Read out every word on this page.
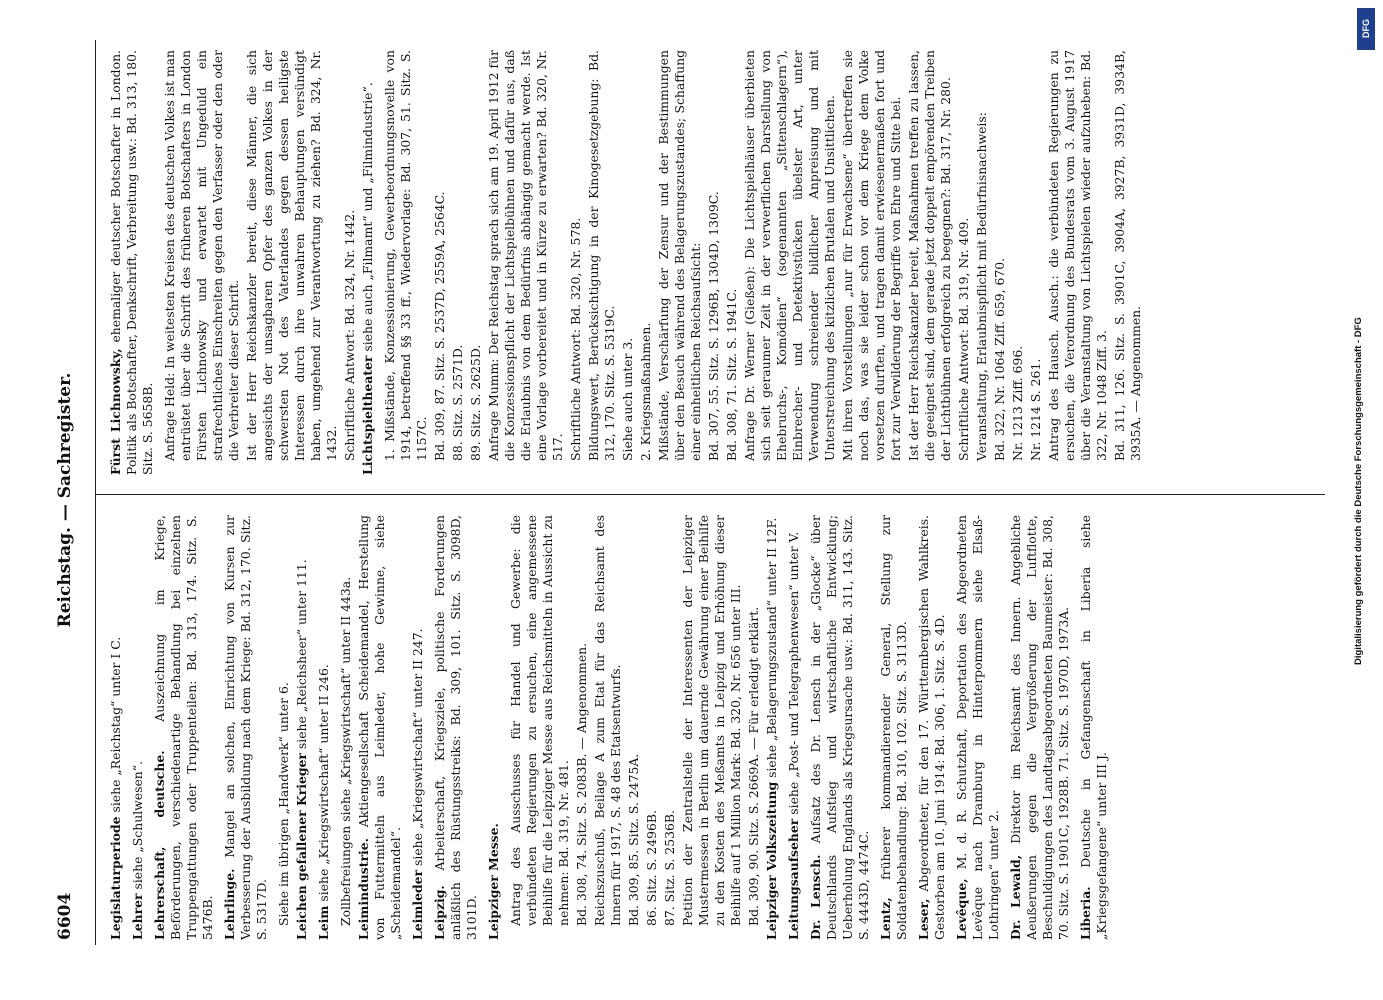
6604
Reichstag. — Sachregister.
Legislaturperiode siehe „Reichstag“ unter I C.
Lehrer siehe „Schulwesen“. Lehrerschaft, deutsche. Auszeichnung im Kriege, Beförderungen, verschiedenartige Behandlung bei einzelnen Truppengattungen oder Truppenteilen: Bd. 313, 174. Sitz. S. 5476B. Lehrlinge. Mangel an solchen, Einrichtung von Kursen zur Verbesserung der Ausbildung nach dem Kriege: Bd. 312, 170. Sitz. S. 5317D. Siehe im übrigen „Handwerk“ unter 6. Leichen gefallener Krieger siehe „Reichsheer“ unter 111.
Leim siehe „Kriegswirtschaft“ unter II 246. Zollbefreiungen siehe „Kriegswirtschaft“ unter II 443a. Leimindustrie. Aktiengesellschaft Scheidemandel, Herstellung von Futtermitteln aus Leimleder, hohe Gewinne, siehe „Scheidemandel“. Leimleder siehe „Kriegswirtschaft“ unter II 247.
Leipzig. Arbeiterschaft, Kriegsziele, politische Forderungen anläßlich des Rüstungsstreiks: Bd. 309, 101. Sitz. S. 3098D, 3101D. Leipziger Messe. Antrag des Ausschusses für Handel und Gewerbe: die verbündeten Regierungen zu ersuchen, eine angemessene Beihilfe für die Leipziger Messe aus Reichsmitteln in Aussicht zu nehmen: Bd. 319, Nr. 481. Bd. 308, 74. Sitz. S. 2083B. — Angenommen. Reichszuschuß, Beilage A zum Etat für das Reichsamt des Innern für 1917, S. 48 des Etatsentwurfs. Bd. 309, 85. Sitz. S. 2475A. 86. Sitz. S. 2496B. 87. Sitz. S. 2536B. Petition der Zentralstelle der Interessenten der Leipziger Mustermessen in Berlin um dauernde Gewährung einer Beihilfe zu den Kosten des Meßamts in Leipzig und Erhöhung dieser Beihilfe auf 1 Million Mark: Bd. 320, Nr. 656 unter III. Bd. 309, 90. Sitz. S. 2669A. — Für erledigt erklärt. Leipziger Volkszeitung siehe „Belagerungszustand“ unter II 12F.
Leitungsaufseher siehe „Post- und Telegraphenwesen“ unter V.
Dr. Lensch. Aufsatz des Dr. Lensch in der „Glocke“ über Deutschlands Aufstieg und wirtschaftliche Entwicklung; Ueberholung Englands als Kriegsursache usw.: Bd. 311, 143. Sitz. S. 4443D, 4474C. Lentz, früherer kommandierender General, Stellung zur Soldatenbehandlung: Bd. 310, 102. Sitz. S. 3113D. Leser, Abgeordneter, für den 17. Württembergischen Wahlkreis. Gestorben am 10. Juni 1914: Bd. 306, 1. Sitz. S. 4D. Levêque, M. d. R. Schutzhaft, Deportation des Abgeordneten Levêque nach Dramburg in Hinterpommern siehe Elsaß-Lothringen“ unter 2. Dr. Lewald, Direktor im Reichsamt des Innern. Angebliche Aeußerungen gegen die Vergrößerung der Luftflotte, Beschuldigungen des Landtagsabgeordneten Baumeister: Bd. 308, 70. Sitz. S. 1901C, 1928B. 71. Sitz. S. 1970D, 1973A. Liberia. Deutsche in Gefangenschaft in Liberia siehe „Kriegsgefangene“ unter III J.
Fürst Lichnowsky, ehemaliger deutscher Botschafter in London. Politik als Botschafter, Denkschrift, Verbreitung usw.: Bd. 313, 180. Sitz. S. 5658B. Anfrage Held: In weitesten Kreisen des deutschen Volkes ist man entrüstet über die Schrift des früheren Botschafters in London Fürsten Lichnowsky und erwartet mit Ungeduld ein strafrechtliches Einschreiten gegen den Verfasser oder den oder die Verbreiter dieser Schrift. Ist der Herr Reichskanzler bereit, diese Männer, die sich angesichts der unsagbaren Opfer des ganzen Volkes in der schwersten Not des Vaterlandes gegen dessen heiligste Interessen durch ihre unwahren Behauptungen versündigt haben, umgehend zur Verantwortung zu ziehen? Bd. 324, Nr. 1432. Schriftliche Antwort: Bd. 324, Nr. 1442. Lichtspieltheater siehe auch „Filmamt“ und „Filmindustrie“. 1. Mißstände, Konzessionierung, Gewerbeordnungsnovelle von 1914, betreffend §§ 33 ff., Wiedervorlage: Bd. 307, 51. Sitz. S. 1157C. Bd. 309, 87. Sitz. S. 2537D, 2559A, 2564C. 88. Sitz. S. 2571D. 89. Sitz. S. 2625D. Anfrage Mumm: Der Reichstag sprach sich am 19. April 1912 für die Konzessionspflicht der Lichtspielbühnen und dafür aus, daß die Erlaubnis von dem Bedürfnis abhängig gemacht werde. Ist eine Vorlage vorbereitet und in Kürze zu erwarten? Bd. 320, Nr. 517. Schriftliche Antwort: Bd. 320, Nr. 578. Bildungswert, Berücksichtigung in der Kinogesetzgebung: Bd. 312, 170. Sitz. S. 5319C. Siehe auch unter 3. 2. Kriegsmaßnahmen. Mißstände, Verschärfung der Zensur und der Bestimmungen über den Besuch während des Belagerungszustandes; Schaffung einer einheitlichen Reichsaufsicht: Bd. 307, 55. Sitz. S. 1296B, 1304D, 1309C. Bd. 308, 71. Sitz. S. 1941C. Anfrage Dr. Werner (Gießen): Die Lichtspielhäuser überbieten sich seit geraumer Zeit in der verwerflichen Darstellung von Ehebruchs-, Komödien“ (sogenannten „Sittenschlagern“), Einbrecher- und Detektivstücken übelster Art, unter Verwendung schreiender bildlicher Anpreisung und mit Unterstreichung des kitzlichen Brutalen und Unsittlichen. Mit ihren Vorstellungen „nur für Erwachsene“ übertreffen sie noch das, was sie leider schon vor dem Kriege dem Volke vorsetzen durften, und tragen damit erwiesenermaßen fort und fort zur Verwilderung der Begriffe von Ehre und Sitte bei. Ist der Herr Reichskanzler bereit, Maßnahmen treffen zu lassen, die geeignet sind, dem gerade jetzt doppelt empörenden Treiben der Lichtbühnen erfolgreich zu begegnen?: Bd. 317, Nr. 280. Schriftliche Antwort: Bd. 319, Nr. 409. Veranstaltung, Erlaubnispflicht mit Bedürfnisnachweis: Bd. 322, Nr. 1064 Ziff. 659, 670. Nr. 1213 Ziff. 696. Nr. 1214 S. 261. Antrag des Hausch. Ausch.: die verbündeten Regierungen zu ersuchen, die Verordnung des Bundesrats vom 3. August 1917 über die Veranstaltung von Lichtspielen wieder aufzuheben: Bd. 322, Nr. 1048 Ziff. 3. Bd. 311, 126. Sitz. S. 3901C, 3904A, 3927B, 3931D, 3934B, 3935A. — Angenommen.
DFG
Digitalisierung gefördert durch die Deutsche Forschungsgemeinschaft - DFG
